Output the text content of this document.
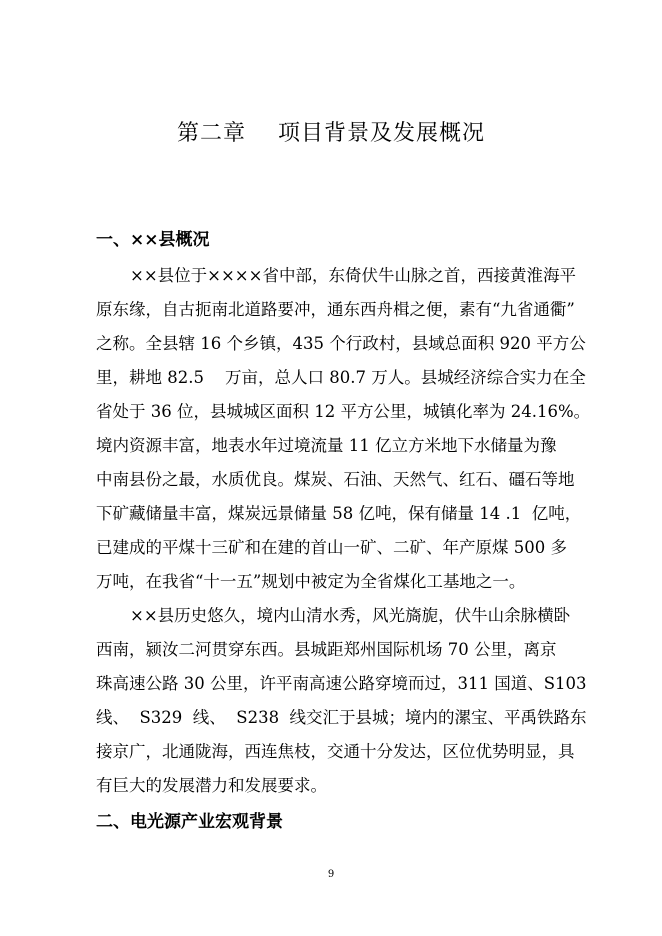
第二章    项目背景及发展概况
一、××县概况
××县位于××××省中部，东倚伏牛山脉之首，西接黄淮海平
原东缘，自古扼南北道路要冲，通东西舟楫之便，素有“九省通衢”
之称。全县辖 16 个乡镇，435 个行政村，县域总面积 920 平方公
里，耕地 82.5    万亩，总人口 80.7 万人。县城经济综合实力在全
省处于 36 位，县城城区面积 12 平方公里，城镇化率为 24.16%。
境内资源丰富，地表水年过境流量 11 亿立方米地下水储量为豫
中南县份之最，水质优良。煤炭、石油、天然气、红石、礓石等地
下矿藏储量丰富，煤炭远景储量 58 亿吨，保有储量 14 .1  亿吨，
已建成的平煤十三矿和在建的首山一矿、二矿、年产原煤 500 多
万吨，在我省“十一五”规划中被定为全省煤化工基地之一。
××县历史悠久，境内山清水秀，风光旖旎，伏牛山余脉横卧
西南，颍汝二河贯穿东西。县城距郑州国际机场 70 公里，离京
珠高速公路 30 公里，许平南高速公路穿境而过，311 国道、S103
线、  S329  线、  S238  线交汇于县城；境内的漯宝、平禹铁路东
接京广，北通陇海，西连焦枝，交通十分发达，区位优势明显，具
有巨大的发展潜力和发展要求。
二、电光源产业宏观背景
9
